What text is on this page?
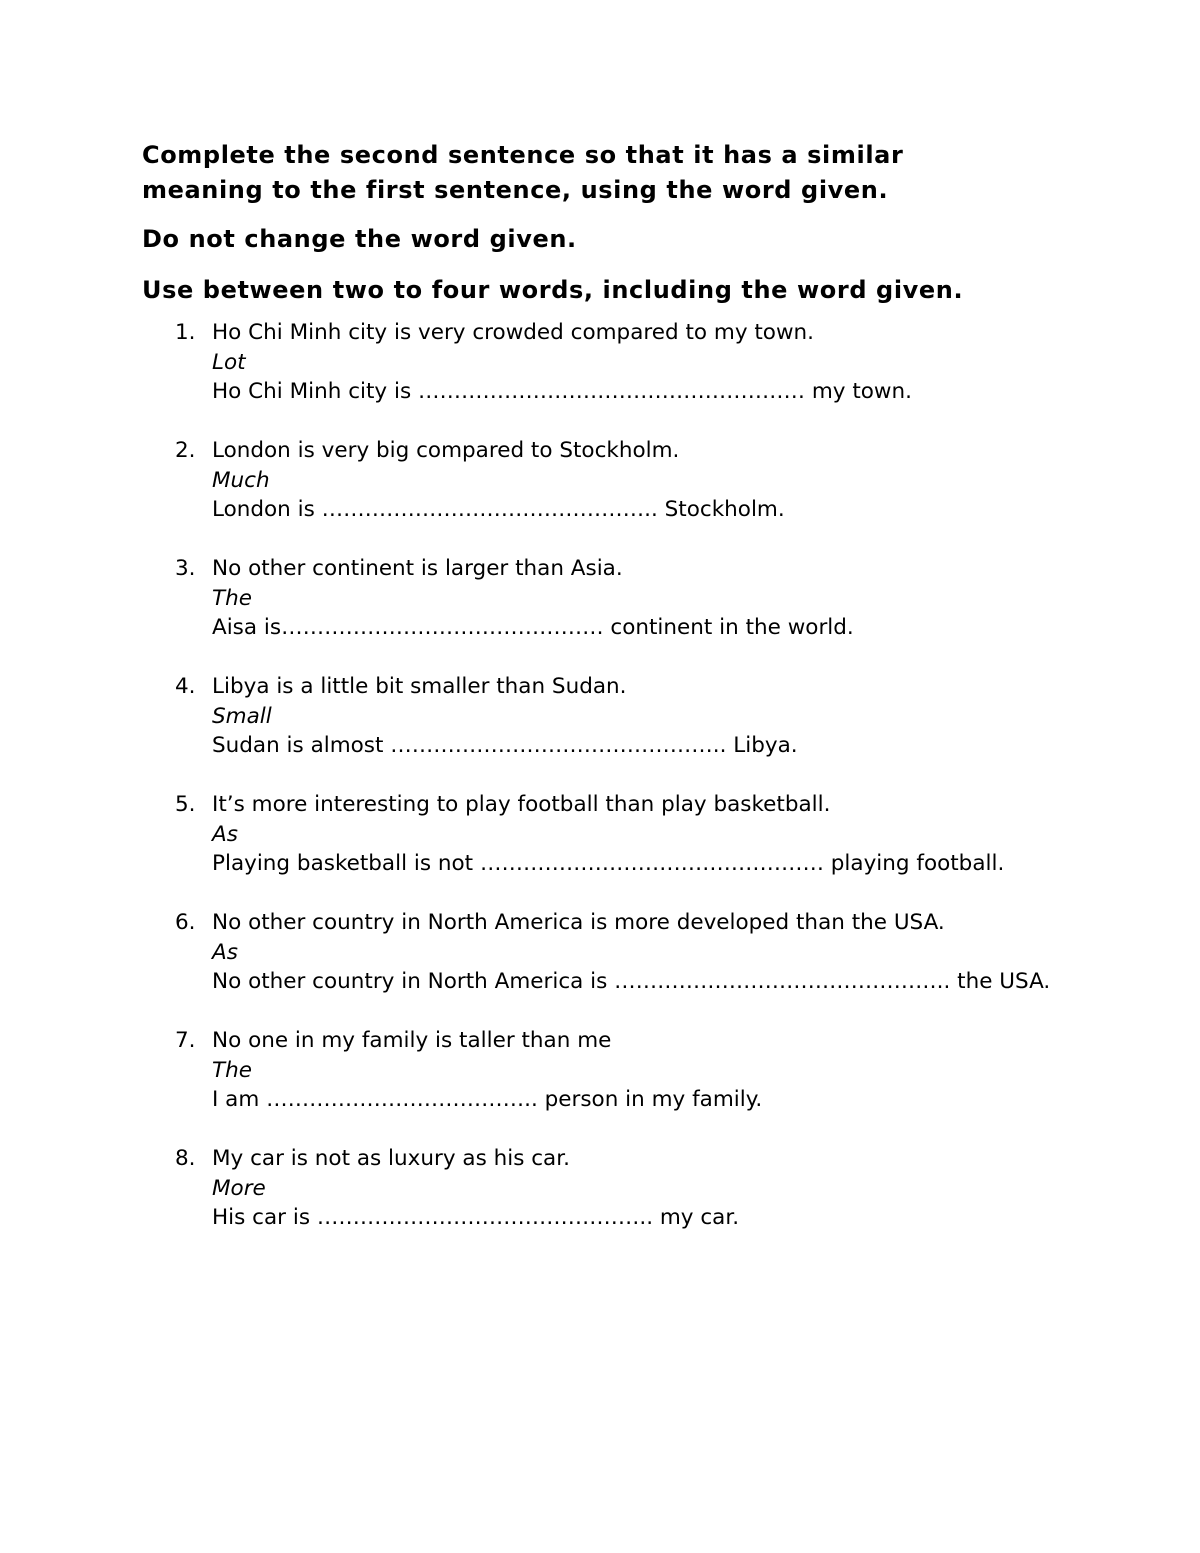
Complete the second sentence so that it has a similar
meaning to the first sentence, using the word given.

Do not change the word given.

Use between two to four words, including the word given.

1. Ho Chi Minh city is very crowded compared to my town.
Lot
Ho Chi Minh city is ……………………………………………… my town.
2. London is very big compared to Stockholm.
Much
London is ……………………………………….. Stockholm.
3. No other continent is larger than Asia.
The
Aisa is……………………………………… continent in the world.
4. Libya is a little bit smaller than Sudan.
Small
Sudan is almost ……………………………………….. Libya.
5. It’s more interesting to play football than play basketball.
As
Playing basketball is not ………………………………………… playing football.
6. No other country in North America is more developed than the USA.
As
No other country in North America is ……………………………………….. the USA.
7. No one in my family is taller than me
The
I am ……………………………….. person in my family.
8. My car is not as luxury as his car.
More
His car is ……………………………………….. my car.
